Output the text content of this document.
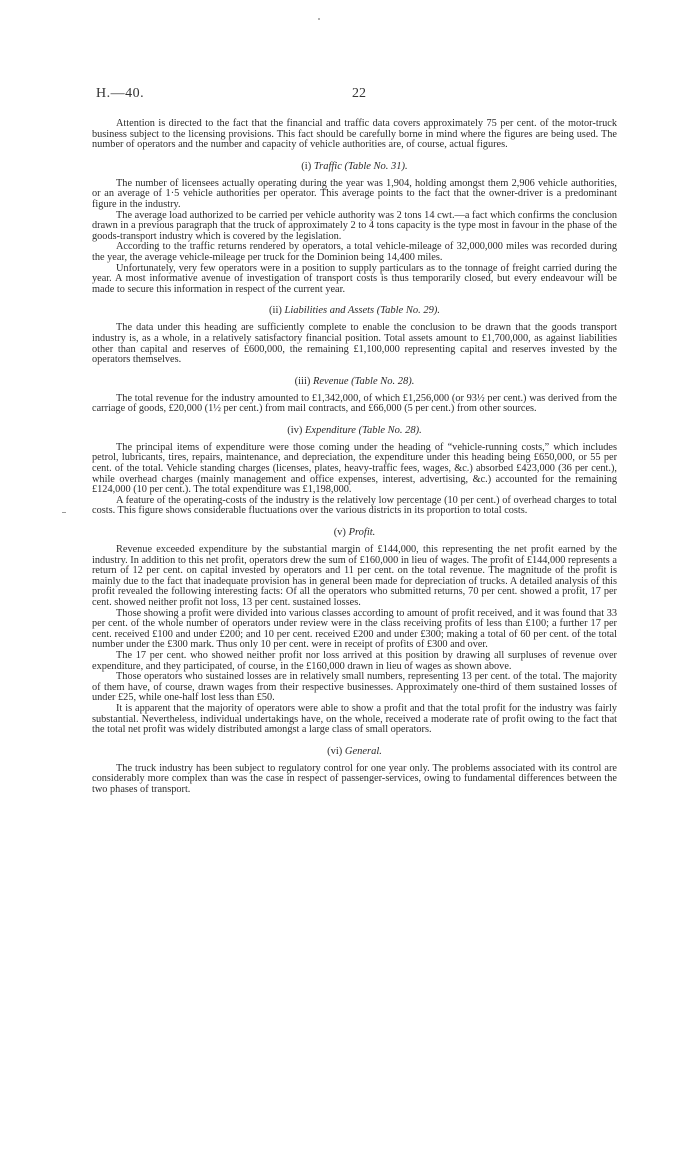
H.—40.	22

Attention is directed to the fact that the financial and traffic data covers approximately 75 per cent. of the motor-truck business subject to the licensing provisions. This fact should be carefully borne in mind where the figures are being used. The number of operators and the number and capacity of vehicle authorities are, of course, actual figures.

(i) Traffic (Table No. 31).

The number of licensees actually operating during the year was 1,904, holding amongst them 2,906 vehicle authorities, or an average of 1·5 vehicle authorities per operator. This average points to the fact that the owner-driver is a predominant figure in the industry.

The average load authorized to be carried per vehicle authority was 2 tons 14 cwt.—a fact which confirms the conclusion drawn in a previous paragraph that the truck of approximately 2 to 4 tons capacity is the type most in favour in the phase of the goods-transport industry which is covered by the legislation.

According to the traffic returns rendered by operators, a total vehicle-mileage of 32,000,000 miles was recorded during the year, the average vehicle-mileage per truck for the Dominion being 14,400 miles.

Unfortunately, very few operators were in a position to supply particulars as to the tonnage of freight carried during the year. A most informative avenue of investigation of transport costs is thus temporarily closed, but every endeavour will be made to secure this information in respect of the current year.

(ii) Liabilities and Assets (Table No. 29).

The data under this heading are sufficiently complete to enable the conclusion to be drawn that the goods transport industry is, as a whole, in a relatively satisfactory financial position. Total assets amount to £1,700,000, as against liabilities other than capital and reserves of £600,000, the remaining £1,100,000 representing capital and reserves invested by the operators themselves.

(iii) Revenue (Table No. 28).

The total revenue for the industry amounted to £1,342,000, of which £1,256,000 (or 93½ per cent.) was derived from the carriage of goods, £20,000 (1½ per cent.) from mail contracts, and £66,000 (5 per cent.) from other sources.

(iv) Expenditure (Table No. 28).

The principal items of expenditure were those coming under the heading of “vehicle-running costs,” which includes petrol, lubricants, tires, repairs, maintenance, and depreciation, the expenditure under this heading being £650,000, or 55 per cent. of the total. Vehicle standing charges (licenses, plates, heavy-traffic fees, wages, &c.) absorbed £423,000 (36 per cent.), while overhead charges (mainly management and office expenses, interest, advertising, &c.) accounted for the remaining £124,000 (10 per cent.). The total expenditure was £1,198,000.

A feature of the operating-costs of the industry is the relatively low percentage (10 per cent.) of overhead charges to total costs. This figure shows considerable fluctuations over the various districts in its proportion to total costs.

(v) Profit.

Revenue exceeded expenditure by the substantial margin of £144,000, this representing the net profit earned by the industry. In addition to this net profit, operators drew the sum of £160,000 in lieu of wages. The profit of £144,000 represents a return of 12 per cent. on capital invested by operators and 11 per cent. on the total revenue. The magnitude of the profit is mainly due to the fact that inadequate provision has in general been made for depreciation of trucks. A detailed analysis of this profit revealed the following interesting facts: Of all the operators who submitted returns, 70 per cent. showed a profit, 17 per cent. showed neither profit not loss, 13 per cent. sustained losses.

Those showing a profit were divided into various classes according to amount of profit received, and it was found that 33 per cent. of the whole number of operators under review were in the class receiving profits of less than £100; a further 17 per cent. received £100 and under £200; and 10 per cent. received £200 and under £300; making a total of 60 per cent. of the total number under the £300 mark. Thus only 10 per cent. were in receipt of profits of £300 and over.

The 17 per cent. who showed neither profit nor loss arrived at this position by drawing all surpluses of revenue over expenditure, and they participated, of course, in the £160,000 drawn in lieu of wages as shown above.

Those operators who sustained losses are in relatively small numbers, representing 13 per cent. of the total. The majority of them have, of course, drawn wages from their respective businesses. Approximately one-third of them sustained losses of under £25, while one-half lost less than £50.

It is apparent that the majority of operators were able to show a profit and that the total profit for the industry was fairly substantial. Nevertheless, individual undertakings have, on the whole, received a moderate rate of profit owing to the fact that the total net profit was widely distributed amongst a large class of small operators.

(vi) General.

The truck industry has been subject to regulatory control for one year only. The problems associated with its control are considerably more complex than was the case in respect of passenger-services, owing to fundamental differences between the two phases of transport.
